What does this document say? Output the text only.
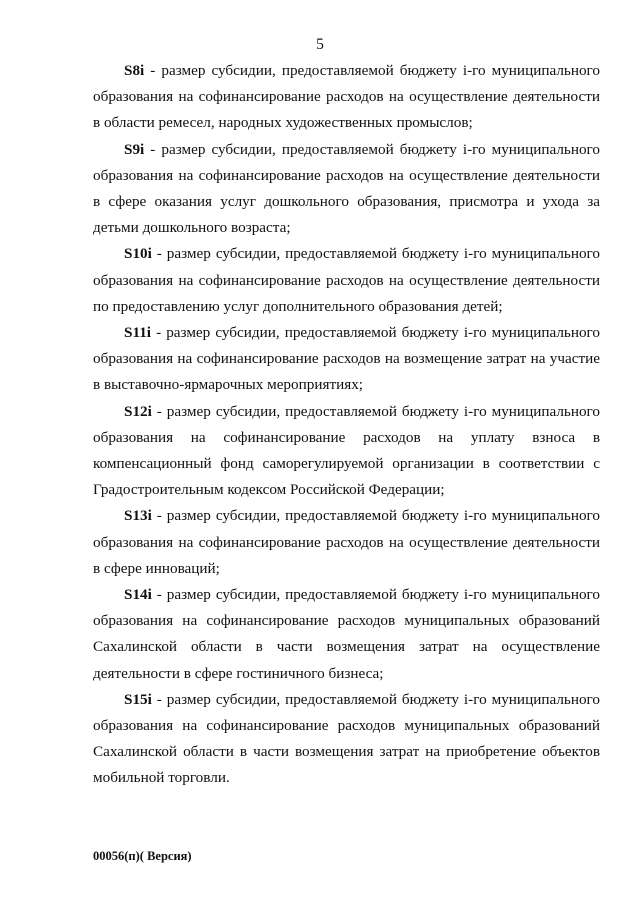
5

S8i - размер субсидии, предоставляемой бюджету i-го муниципального образования на софинансирование расходов на осуществление деятельности в области ремесел, народных художественных промыслов;

S9i - размер субсидии, предоставляемой бюджету i-го муниципального образования на софинансирование расходов на осуществление деятельности в сфере оказания услуг дошкольного образования, присмотра и ухода за детьми дошкольного возраста;

S10i - размер субсидии, предоставляемой бюджету i-го муниципального образования на софинансирование расходов на осуществление деятельности по предоставлению услуг дополнительного образования детей;

S11i - размер субсидии, предоставляемой бюджету i-го муниципального образования на софинансирование расходов на возмещение затрат на участие в выставочно-ярмарочных мероприятиях;

S12i - размер субсидии, предоставляемой бюджету i-го муниципального образования на софинансирование расходов на уплату взноса в компенсационный фонд саморегулируемой организации в соответствии с Градостроительным кодексом Российской Федерации;

S13i - размер субсидии, предоставляемой бюджету i-го муниципального образования на софинансирование расходов на осуществление деятельности в сфере инноваций;

S14i - размер субсидии, предоставляемой бюджету i-го муниципального образования на софинансирование расходов муниципальных образований Сахалинской области в части возмещения затрат на осуществление деятельности в сфере гостиничного бизнеса;

S15i - размер субсидии, предоставляемой бюджету i-го муниципального образования на софинансирование расходов муниципальных образований Сахалинской области в части возмещения затрат на приобретение объектов мобильной торговли.

00056(п)( Версия)
